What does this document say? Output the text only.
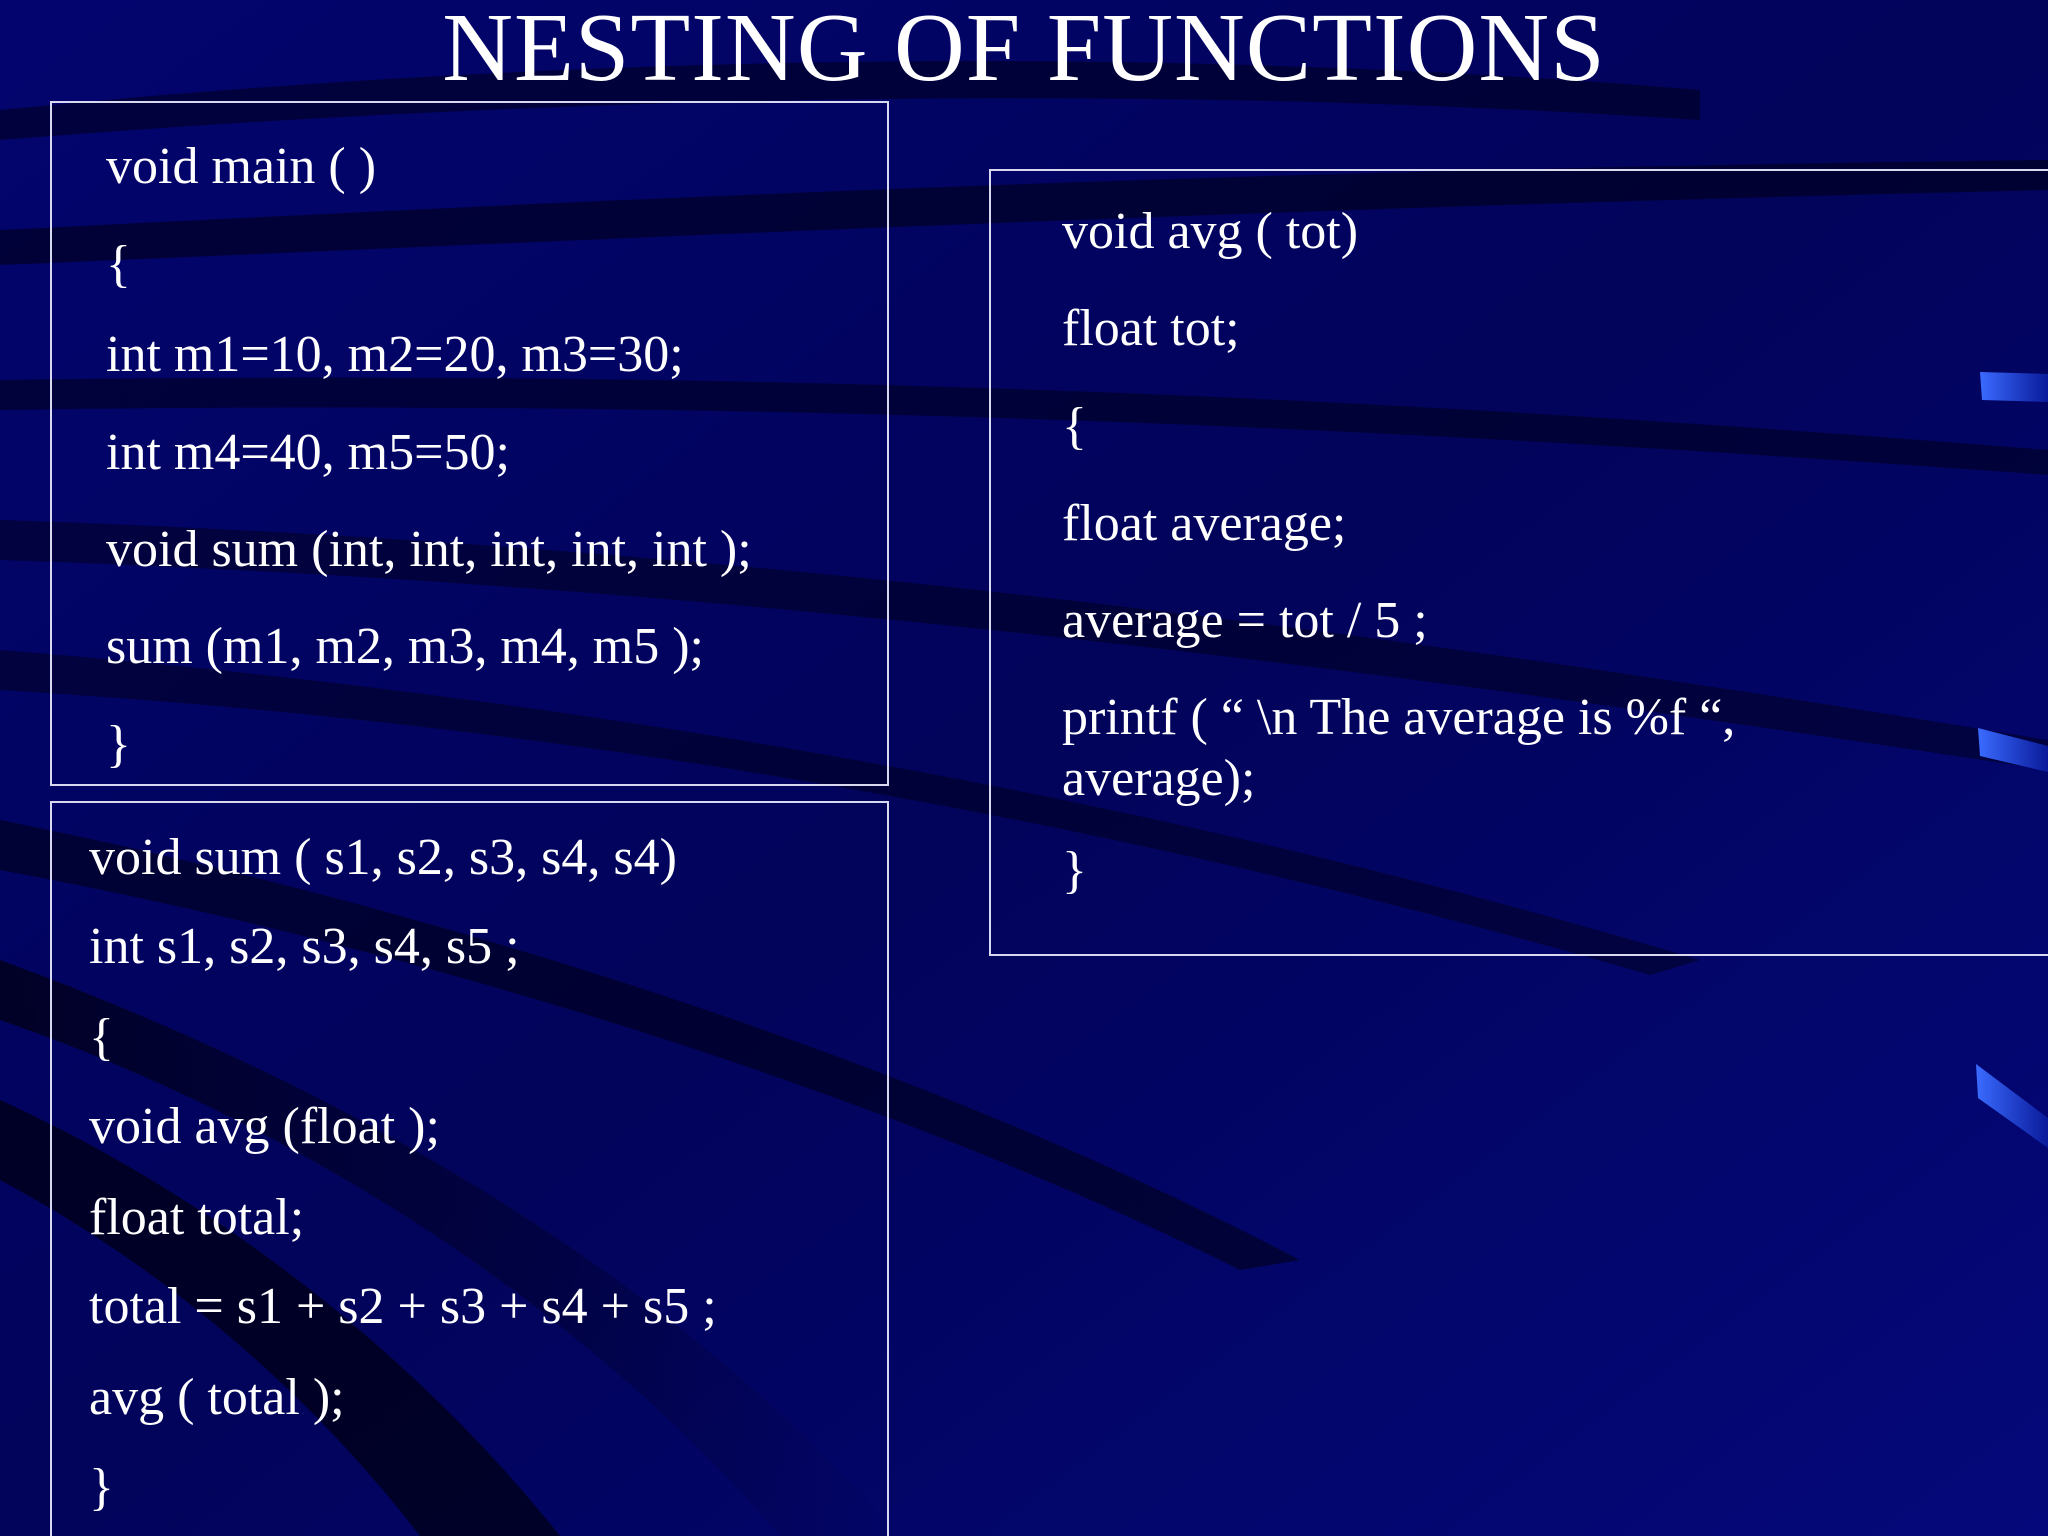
NESTING OF FUNCTIONS
void main ( )
{
int m1=10, m2=20, m3=30;
int m4=40, m5=50;
void sum (int, int, int, int, int );
sum (m1, m2, m3, m4, m5 );
}
void sum ( s1, s2, s3, s4, s4)
int s1, s2, s3, s4, s5 ;
{
void avg (float );
float total;
total = s1 + s2 + s3 + s4 + s5 ;
avg ( total );
}
void avg ( tot)
float tot;
{
float average;
average = tot / 5 ;
printf ( “ \n The average is %f “,
average);
}
